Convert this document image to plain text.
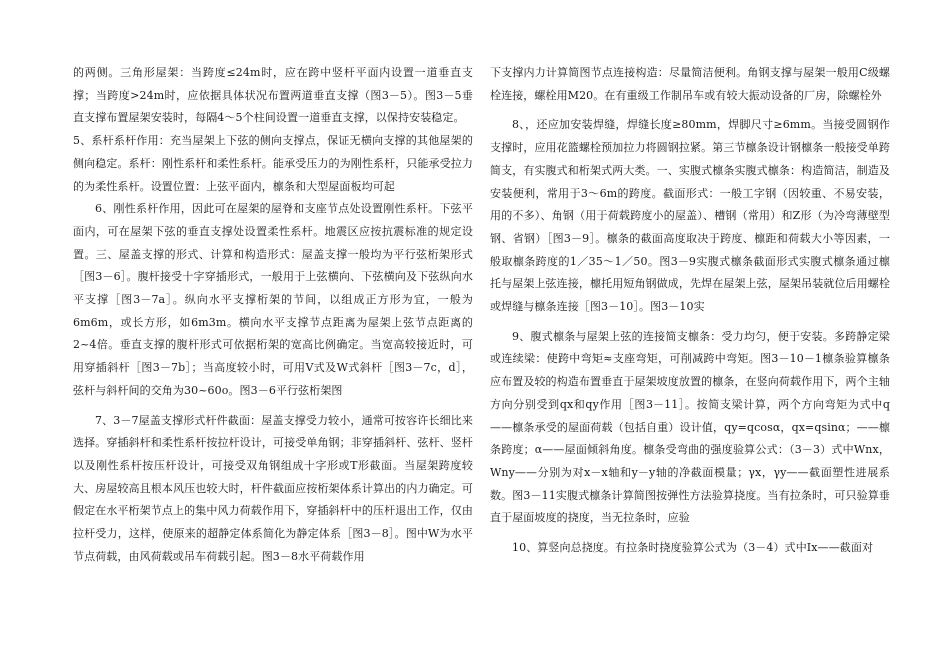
的两侧。三角形屋架：当跨度≤24m时，应在跨中竖杆平面内设置一道垂直支撑；当跨度>24m时，应依据具体状况布置两道垂直支撑（图3－5）。图3－5垂直支撑布置屋架安装时，每隔4～5个柱间设置一道垂直支撑，以保持安装稳定。

5、系杆系杆作用：充当屋架上下弦的侧向支撑点，保证无横向支撑的其他屋架的侧向稳定。系杆：刚性系杆和柔性系杆。能承受压力的为刚性系杆，只能承受拉力的为柔性系杆。设置位置：上弦平面内，檩条和大型屋面板均可起

6、刚性系杆作用，因此可在屋架的屋脊和支座节点处设置刚性系杆。下弦平面内，可在屋架下弦的垂直支撑处设置柔性系杆。地震区应按抗震标准的规定设置。三、屋盖支撑的形式、计算和构造形式：屋盖支撑一般均为平行弦桁架形式［图3－6］。腹杆接受十字穿插形式，一般用于上弦横向、下弦横向及下弦纵向水平支撑［图3－7a］。纵向水平支撑桁架的节间，以组成正方形为宜，一般为6m6m，或长方形，如6m3m。横向水平支撑节点距离为屋架上弦节点距离的2~4倍。垂直支撑的腹杆形式可依据桁架的宽高比例确定。当宽高较接近时，可用穿插斜杆［图3－7b］；当高度较小时，可用V式及W式斜杆［图3－7c，d］，弦杆与斜杆间的交角为30~60o。图3－6平行弦桁架图

7、3－7屋盖支撑形式杆件截面：屋盖支撑受力较小，通常可按容许长细比来选择。穿插斜杆和柔性系杆按拉杆设计，可接受单角钢；非穿插斜杆、弦杆、竖杆以及刚性系杆按压杆设计，可接受双角钢组成十字形或T形截面。当屋架跨度较大、房屋较高且根本风压也较大时，杆件截面应按桁架体系计算出的内力确定。可假定在水平桁架节点上的集中风力荷载作用下，穿插斜杆中的压杆退出工作，仅由拉杆受力，这样，使原来的超静定体系简化为静定体系［图3－8］。图中W为水平节点荷载，由风荷载或吊车荷载引起。图3－8水平荷载作用

下支撑内力计算简图节点连接构造：尽量简洁便利。角钢支撑与屋架一般用C级螺栓连接，螺栓用M20。在有重级工作制吊车或有较大振动设备的厂房，除螺栓外

8、，还应加安装焊缝，焊缝长度≥80mm，焊脚尺寸≥6mm。当接受圆钢作支撑时，应用花篮螺栓预加拉力将圆钢拉紧。第三节檩条设计钢檩条一般接受单跨简支，有实腹式和桁架式两大类。一、实腹式檩条实腹式檩条：构造简洁，制造及安装便利，常用于3～6m的跨度。截面形式：一般工字钢（因较重、不易安装，用的不多）、角钢（用于荷载跨度小的屋盖）、槽钢（常用）和Z形（为冷弯薄壁型钢、省钢）［图3－9］。檩条的截面高度取决于跨度、檩距和荷载大小等因素，一般取檩条跨度的1／35～1／50。图3－9实腹式檩条截面形式实腹式檩条通过檩托与屋架上弦连接，檩托用短角钢做成，先焊在屋架上弦，屋架吊装就位后用螺栓或焊缝与檩条连接［图3－10］。图3－10实

9、腹式檩条与屋架上弦的连接简支檩条：受力均匀，便于安装。多跨静定梁或连续梁：使跨中弯矩≈支座弯矩，可削减跨中弯矩。图3－10－1檩条验算檩条应布置及较的构造布置垂直于屋架坡度放置的檩条，在竖向荷载作用下，两个主轴方向分别受到qx和qy作用［图3－11］。按简支梁计算，两个方向弯矩为式中q——檩条承受的屋面荷载（包括自重）设计值，qy=qcosα，qx=qsinα；——檩条跨度；α——屋面倾斜角度。檩条受弯曲的强度验算公式：（3－3）式中Wnx，Wny——分别为对x－x轴和y－y轴的净截面模量；γx，γy——截面塑性进展系数。图3－11实腹式檩条计算简图按弹性方法验算挠度。当有拉条时，可只验算垂直于屋面坡度的挠度，当无拉条时，应验

10、算竖向总挠度。有拉条时挠度验算公式为（3－4）式中Ix——截面对
